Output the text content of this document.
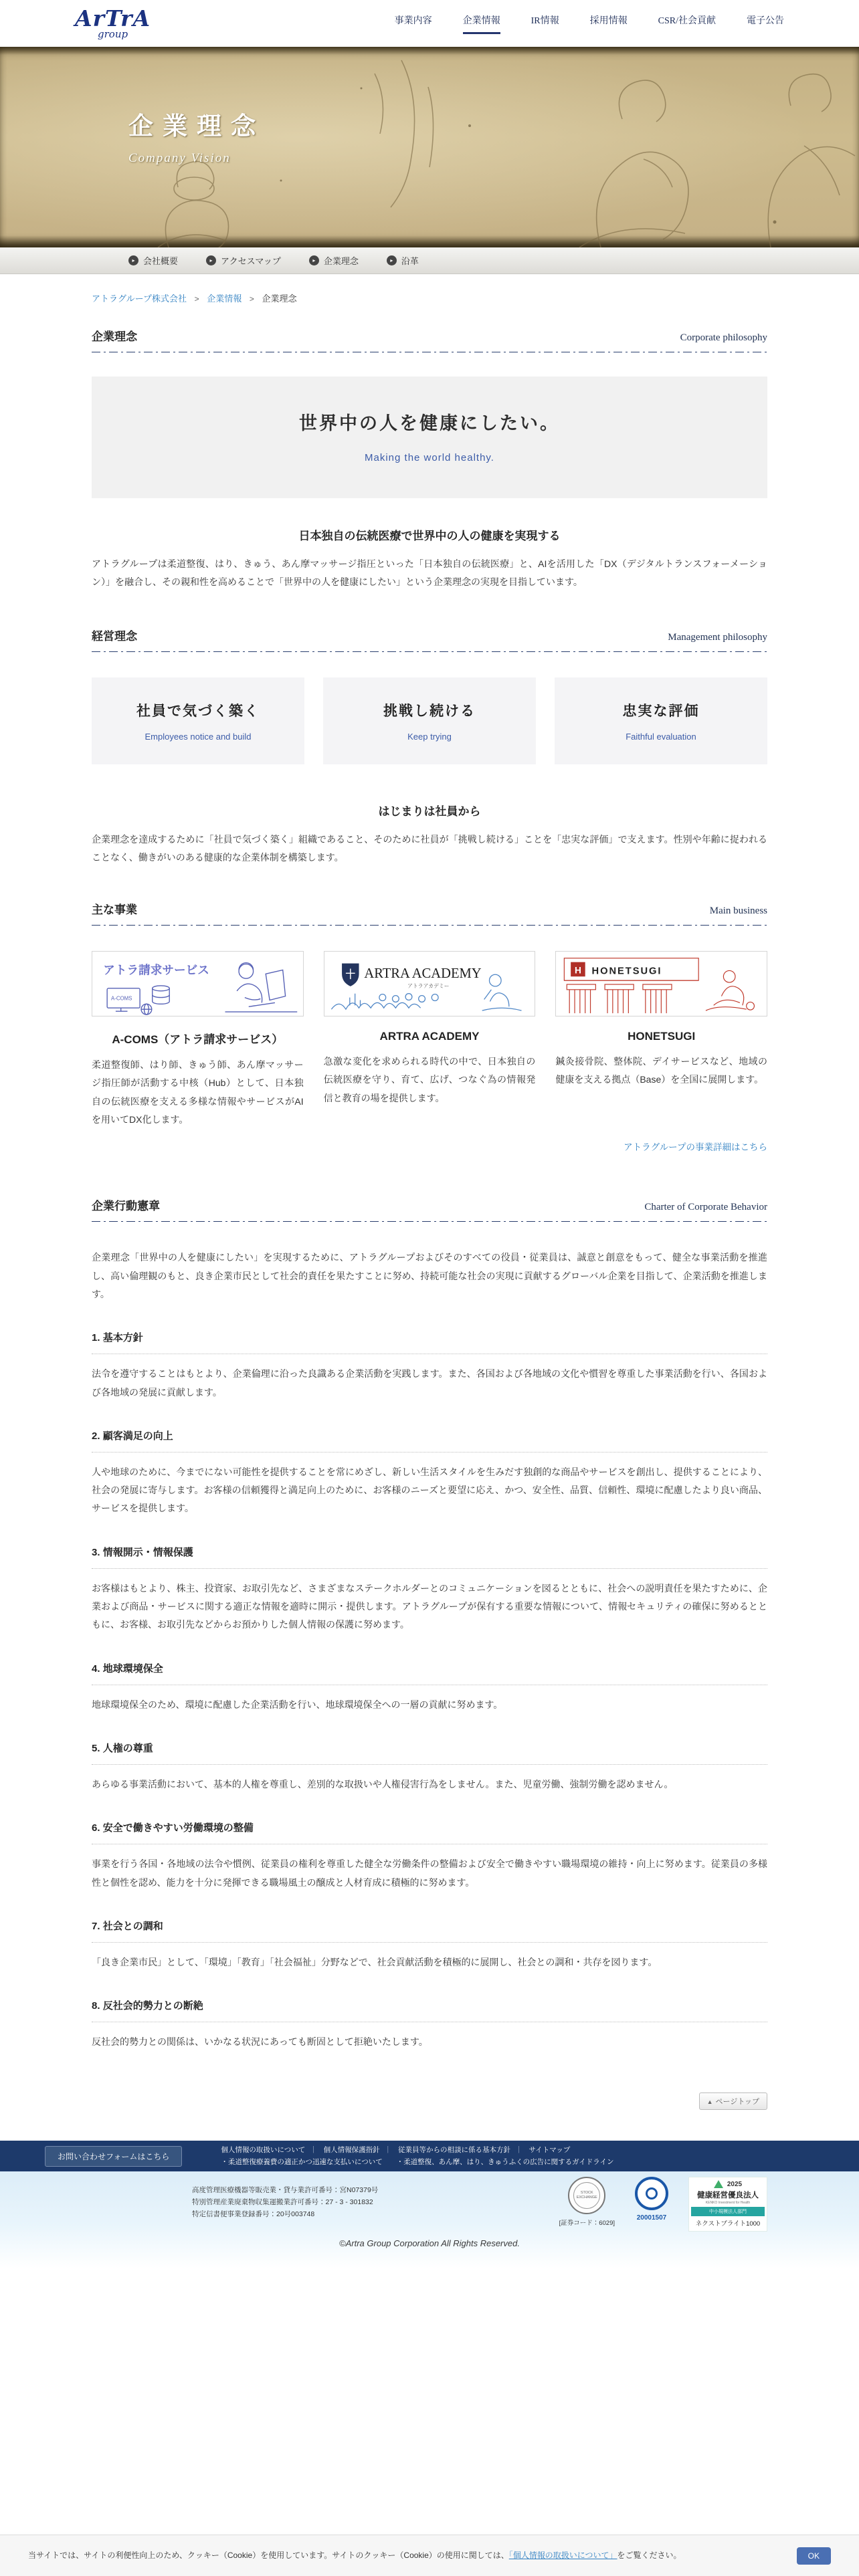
ArTrA
group
事業内容	企業情報	IR情報	採用情報	CSR/社会貢献	電子公告
企業理念
Company Vision
▸ 会社概要	▸ アクセスマップ	▸ 企業理念	▸ 沿革
アトラグループ株式会社 > 企業情報 > 企業理念
企業理念	Corporate philosophy
世界中の人を健康にしたい。
Making the world healthy.
日本独自の伝統医療で世界中の人の健康を実現する

アトラグループは柔道整復、はり、きゅう、あん摩マッサージ指圧といった「日本独自の伝統医療」と、AIを活用した「DX（デジタルトランスフォーメーション）」を融合し、その親和性を高めることで「世界中の人を健康にしたい」という企業理念の実現を目指しています。

経営理念	Management philosophy
社員で気づく築く
Employees notice and build
挑戦し続ける
Keep trying
忠実な評価
Faithful evaluation
はじまりは社員から

企業理念を達成するために「社員で気づく築く」組織であること、そのために社員が「挑戦し続ける」ことを「忠実な評価」で支えます。性別や年齢に捉われることなく、働きがいのある健康的な企業体制を構築します。

主な事業	Main business
アトラ請求サービス
A-COMS
A-COMS（アトラ請求サービス）

柔道整復師、はり師、きゅう師、あん摩マッサージ指圧師が活動する中核（Hub）として、日本独自の伝統医療を支える多様な情報やサービスがAIを用いてDX化します。

ARTRA ACADEMY
アトラアカデミー
ARTRA ACADEMY

急激な変化を求められる時代の中で、日本独自の伝統医療を守り、育て、広げ、つなぐ為の情報発信と教育の場を提供します。

H HONETSUGI
HONETSUGI

鍼灸接骨院、整体院、デイサービスなど、地域の健康を支える拠点（Base）を全国に展開します。

アトラグループの事業詳細はこちら
企業行動憲章	Charter of Corporate Behavior

企業理念「世界中の人を健康にしたい」を実現するために、アトラグループおよびそのすべての役員・従業員は、誠意と創意をもって、健全な事業活動を推進し、高い倫理観のもと、良き企業市民として社会的責任を果たすことに努め、持続可能な社会の実現に貢献するグローバル企業を目指して、企業活動を推進します。

1. 基本方針

法令を遵守することはもとより、企業倫理に沿った良識ある企業活動を実践します。また、各国および各地域の文化や慣習を尊重した事業活動を行い、各国および各地域の発展に貢献します。

2. 顧客満足の向上

人や地球のために、今までにない可能性を提供することを常にめざし、新しい生活スタイルを生みだす独創的な商品やサービスを創出し、提供することにより、社会の発展に寄与します。お客様の信頼獲得と満足向上のために、お客様のニーズと要望に応え、かつ、安全性、品質、信頼性、環境に配慮したより良い商品、サービスを提供します。

3. 情報開示・情報保護

お客様はもとより、株主、投資家、お取引先など、さまざまなステークホルダーとのコミュニケーションを図るとともに、社会への説明責任を果たすために、企業および商品・サービスに関する適正な情報を適時に開示・提供します。アトラグループが保有する重要な情報について、情報セキュリティの確保に努めるとともに、お客様、お取引先などからお預かりした個人情報の保護に努めます。

4. 地球環境保全

地球環境保全のため、環境に配慮した企業活動を行い、地球環境保全への一層の貢献に努めます。

5. 人権の尊重

あらゆる事業活動において、基本的人権を尊重し、差別的な取扱いや人権侵害行為をしません。また、児童労働、強制労働を認めません。

6. 安全で働きやすい労働環境の整備

事業を行う各国・各地域の法令や慣例、従業員の権利を尊重した健全な労働条件の整備および安全で働きやすい職場環境の維持・向上に努めます。従業員の多様性と個性を認め、能力を十分に発揮できる職場風土の醸成と人材育成に積極的に努めます。

7. 社会との調和

「良き企業市民」として、「環境」「教育」「社会福祉」分野などで、社会貢献活動を積極的に展開し、社会との調和・共存を図ります。

8. 反社会的勢力との断絶

反社会的勢力との関係は、いかなる状況にあっても断固として拒絶いたします。

▲ ページトップ
お問い合わせフォームはこちら
個人情報の取扱いについて ｜ 個人情報保護指針 ｜ 従業員等からの相談に係る基本方針 ｜ サイトマップ
・柔道整復療養費の適正かつ迅速な支払いについて ・柔道整復、あん摩、はり、きゅうふくの広告に関するガイドライン
高度管理医療機器等販売業・貸与業許可番号：宮N07379号
特別管理産業廃棄物収集運搬業許可番号：27 - 3 - 301832
特定信書便事業登録番号：20号003748
STOCK EXCHANGE
[証券コード：6029]
20001507
2025
健康経営優良法人
KENKO Investment for Health
中小規模法人部門
ネクストブライト1000
©Artra Group Corporation All Rights Reserved.
当サイトでは、サイトの利便性向上のため、クッキー（Cookie）を使用しています。サイトのクッキー（Cookie）の使用に関しては、「個人情報の取扱いについて」をご覧ください。	OK
